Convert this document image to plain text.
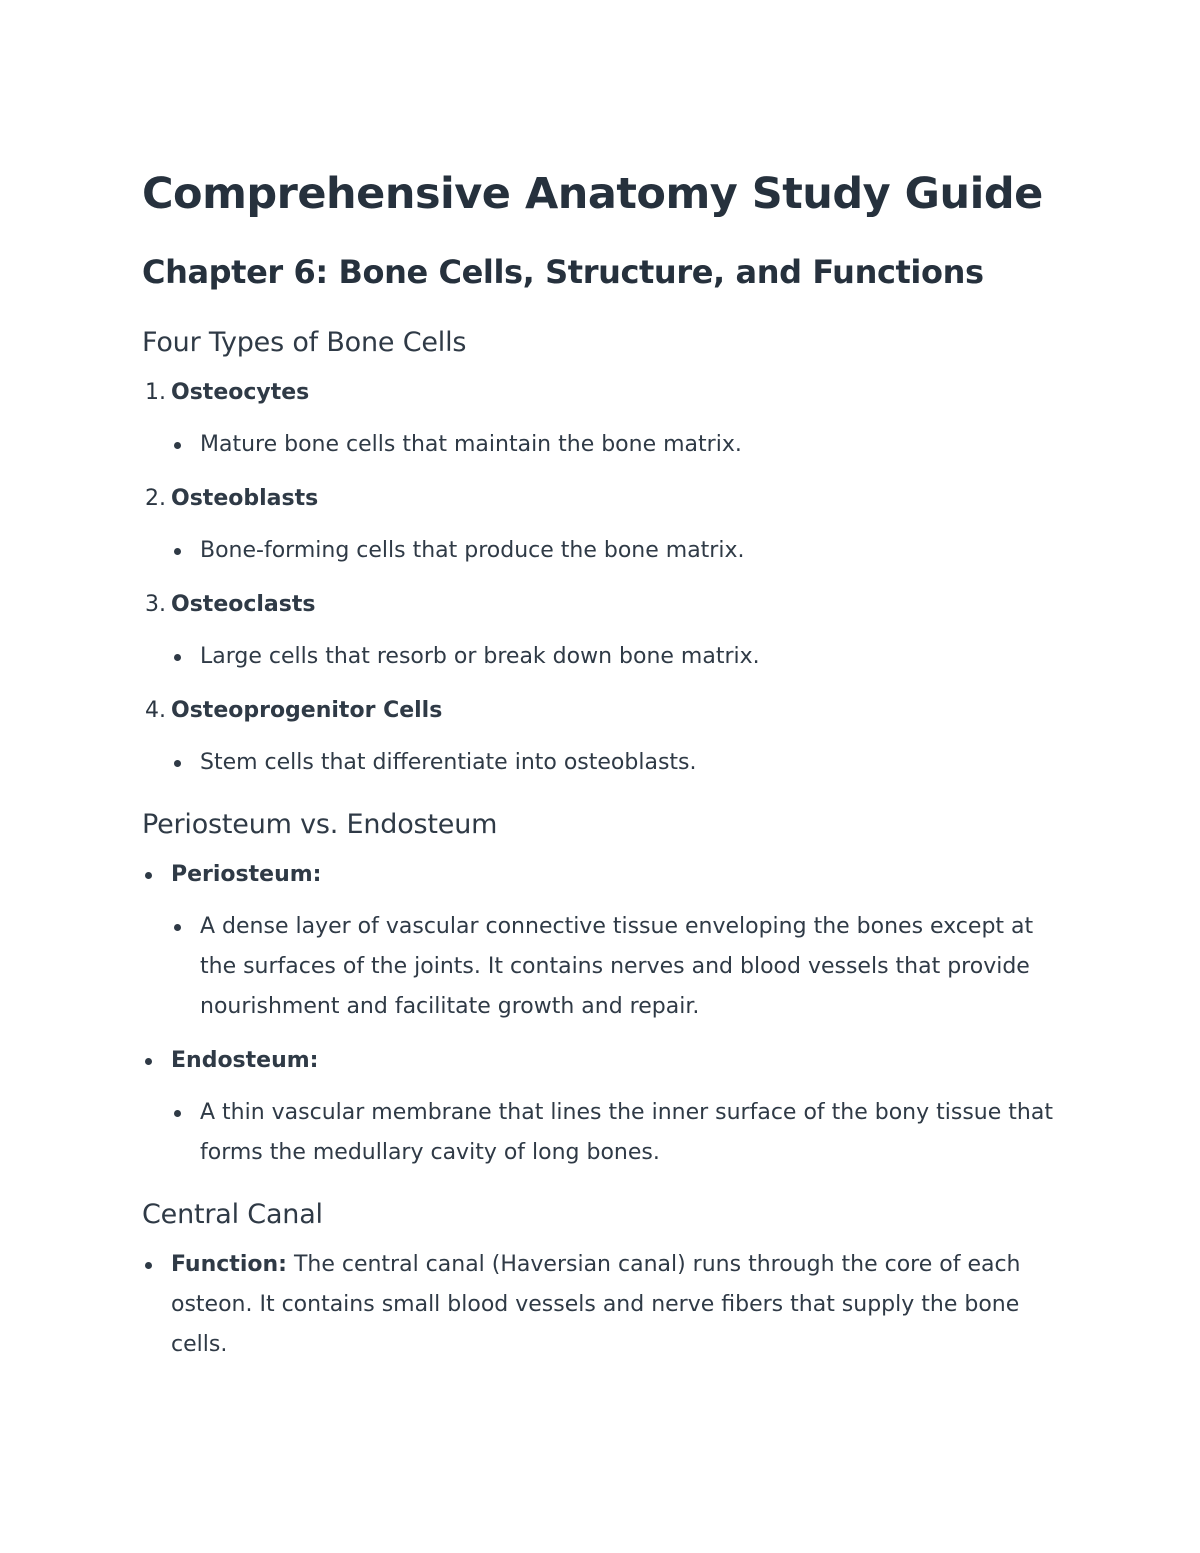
Comprehensive Anatomy Study Guide
Chapter 6: Bone Cells, Structure, and Functions
Four Types of Bone Cells
1. Osteocytes
Mature bone cells that maintain the bone matrix.
2. Osteoblasts
Bone-forming cells that produce the bone matrix.
3. Osteoclasts
Large cells that resorb or break down bone matrix.
4. Osteoprogenitor Cells
Stem cells that differentiate into osteoblasts.
Periosteum vs. Endosteum
Periosteum:
A dense layer of vascular connective tissue enveloping the bones except at the surfaces of the joints. It contains nerves and blood vessels that provide nourishment and facilitate growth and repair.
Endosteum:
A thin vascular membrane that lines the inner surface of the bony tissue that forms the medullary cavity of long bones.
Central Canal
Function: The central canal (Haversian canal) runs through the core of each osteon. It contains small blood vessels and nerve fibers that supply the bone cells.
